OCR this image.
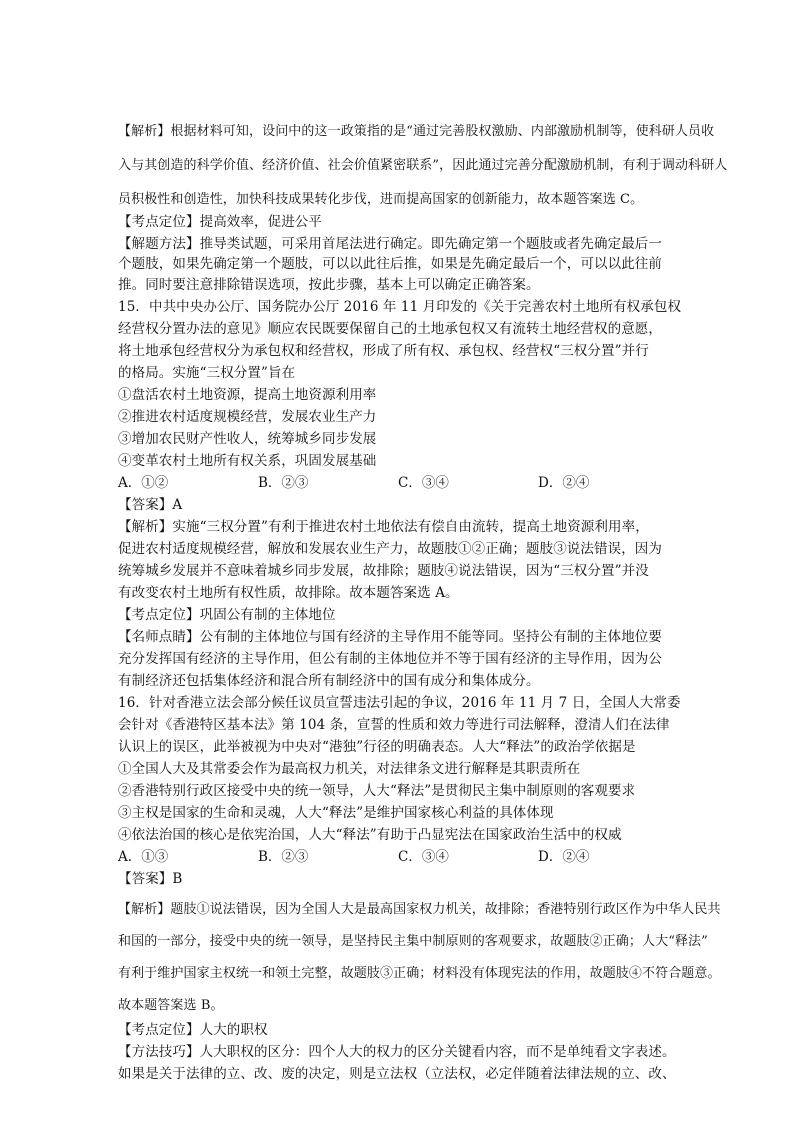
【解析】根据材料可知，设问中的这一政策指的是“通过完善股权激励、内部激励机制等，使科研人员收
入与其创造的科学价值、经济价值、社会价值紧密联系”，因此通过完善分配激励机制，有利于调动科研人
员积极性和创造性，加快科技成果转化步伐，进而提高国家的创新能力，故本题答案选 C。
【考点定位】提高效率，促进公平
【解题方法】推导类试题，可采用首尾法进行确定。即先确定第一个题肢或者先确定最后一
个题肢，如果先确定第一个题肢，可以以此往后推，如果是先确定最后一个，可以以此往前
推。同时要注意排除错误选项，按此步骤，基本上可以确定正确答案。
15．中共中央办公厅、国务院办公厅 2016 年 11 月印发的《关于完善农村土地所有权承包权
经营权分置办法的意见》顺应农民既要保留自己的土地承包权又有流转土地经营权的意愿，
将土地承包经营权分为承包权和经营权，形成了所有权、承包权、经营权“三权分置”并行
的格局。实施“三权分置”旨在
①盘活农村土地资源，提高土地资源利用率
②推进农村适度规模经营，发展农业生产力
③增加农民财产性收人，统筹城乡同步发展
④变革农村土地所有权关系，巩固发展基础
A．①②	B．②③	C．③④	D．②④
【答案】A
【解析】实施“三权分置”有利于推进农村土地依法有偿自由流转，提高土地资源利用率，
促进农村适度规模经营，解放和发展农业生产力，故题肢①②正确；题肢③说法错误，因为
统筹城乡发展并不意味着城乡同步发展，故排除；题肢④说法错误，因为“三权分置”并没
有改变农村土地所有权性质，故排除。故本题答案选 A。
【考点定位】巩固公有制的主体地位
【名师点睛】公有制的主体地位与国有经济的主导作用不能等同。坚持公有制的主体地位要
充分发挥国有经济的主导作用，但公有制的主体地位并不等于国有经济的主导作用，因为公
有制经济还包括集体经济和混合所有制经济中的国有成分和集体成分。
16．针对香港立法会部分候任议员宣誓违法引起的争议，2016 年 11 月 7 日，全国人大常委
会针对《香港特区基本法》第 104 条，宣誓的性质和效力等进行司法解释，澄清人们在法律
认识上的误区，此举被视为中央对“港独”行径的明确表态。人大“释法”的政治学依据是
①全国人大及其常委会作为最高权力机关，对法律条文进行解释是其职责所在
②香港特别行政区接受中央的统一领导，人大“释法”是贯彻民主集中制原则的客观要求
③主权是国家的生命和灵魂，人大“释法”是维护国家核心利益的具体体现
④依法治国的核心是依宪治国，人大“释法”有助于凸显宪法在国家政治生活中的权威
A．①③	B．②③	C．③④	D．②④
【答案】B
【解析】题肢①说法错误，因为全国人大是最高国家权力机关，故排除；香港特别行政区作为中华人民共
和国的一部分，接受中央的统一领导，是坚持民主集中制原则的客观要求，故题肢②正确；人大“释法”
有利于维护国家主权统一和领土完整，故题肢③正确；材料没有体现宪法的作用，故题肢④不符合题意。
故本题答案选 B。
【考点定位】人大的职权
【方法技巧】人大职权的区分：四个人大的权力的区分关键看内容，而不是单纯看文字表述。
如果是关于法律的立、改、废的决定，则是立法权（立法权，必定伴随着法律法规的立、改、
